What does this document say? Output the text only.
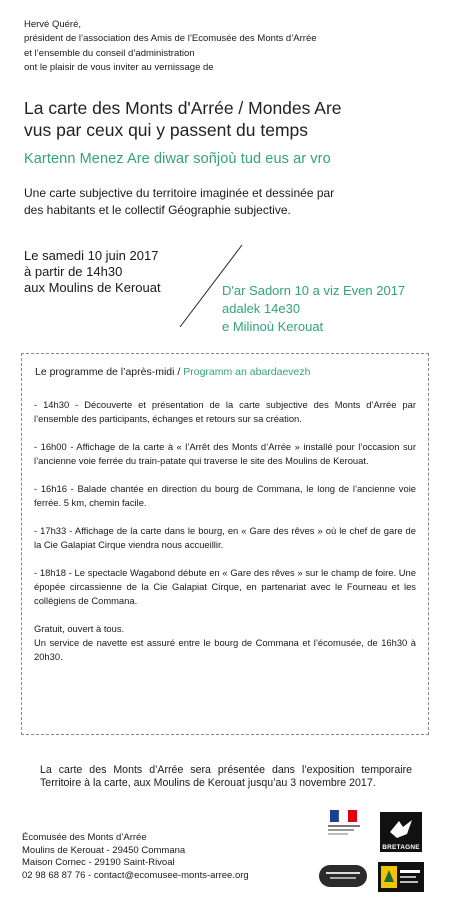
Hervé Quéré,
président de l’association des Amis de l’Ecomusée des Monts d’Arrée
et l’ensemble du conseil d’administration
ont le plaisir de vous inviter au vernissage de
La carte des Monts d'Arrée / Mondes Are
vus par ceux qui y passent du temps
Kartenn Menez Are diwar soñjoù tud eus ar vro
Une carte subjective du territoire imaginée et dessinée par
des habitants et le collectif Géographie subjective.
Le samedi 10 juin 2017
à partir de 14h30
aux Moulins de Kerouat	D'ar Sadorn 10 a viz Even 2017
adalek 14e30
e Milinoù Kerouat
Le programme de l’après-midi / Programm an abardaevezh

- 14h30 - Découverte et présentation de la carte subjective des Monts d’Arrée par l’ensemble des participants, échanges et retours sur sa création.

- 16h00 - Affichage de la carte à « l’Arrêt des Monts d’Arrée » installé pour l’occasion sur l’ancienne voie ferrée du train-patate qui traverse le site des Moulins de Kerouat.

- 16h16 - Balade chantée en direction du bourg de Commana, le long de l’ancienne voie ferrée. 5 km, chemin facile.

- 17h33 - Affichage de la carte dans le bourg, en « Gare des rêves » où le chef de gare de la Cie Galapiat Cirque viendra nous accueillir.

- 18h18 - Le spectacle Wagabond débute en « Gare des rêves » sur le champ de foire. Une épopée circassienne de la Cie Galapiat Cirque, en partenariat avec le Fourneau et les collégiens de Commana.

Gratuit, ouvert à tous.

Un service de navette est assuré entre le bourg de Commana et l’écomusée, de 16h30 à 20h30.

La carte des Monts d’Arrée sera présentée dans l’exposition temporaire Territoire à la carte, aux Moulins de Kerouat jusqu’au 3 novembre 2017.
Écomusée des Monts d’Arrée
Moulins de Kerouat - 29450 Commana
Maison Cornec - 29190 Saint-Rivoal
02 98 68 87 76 - contact@ecomusee-monts-arree.org
BRETAGNE
